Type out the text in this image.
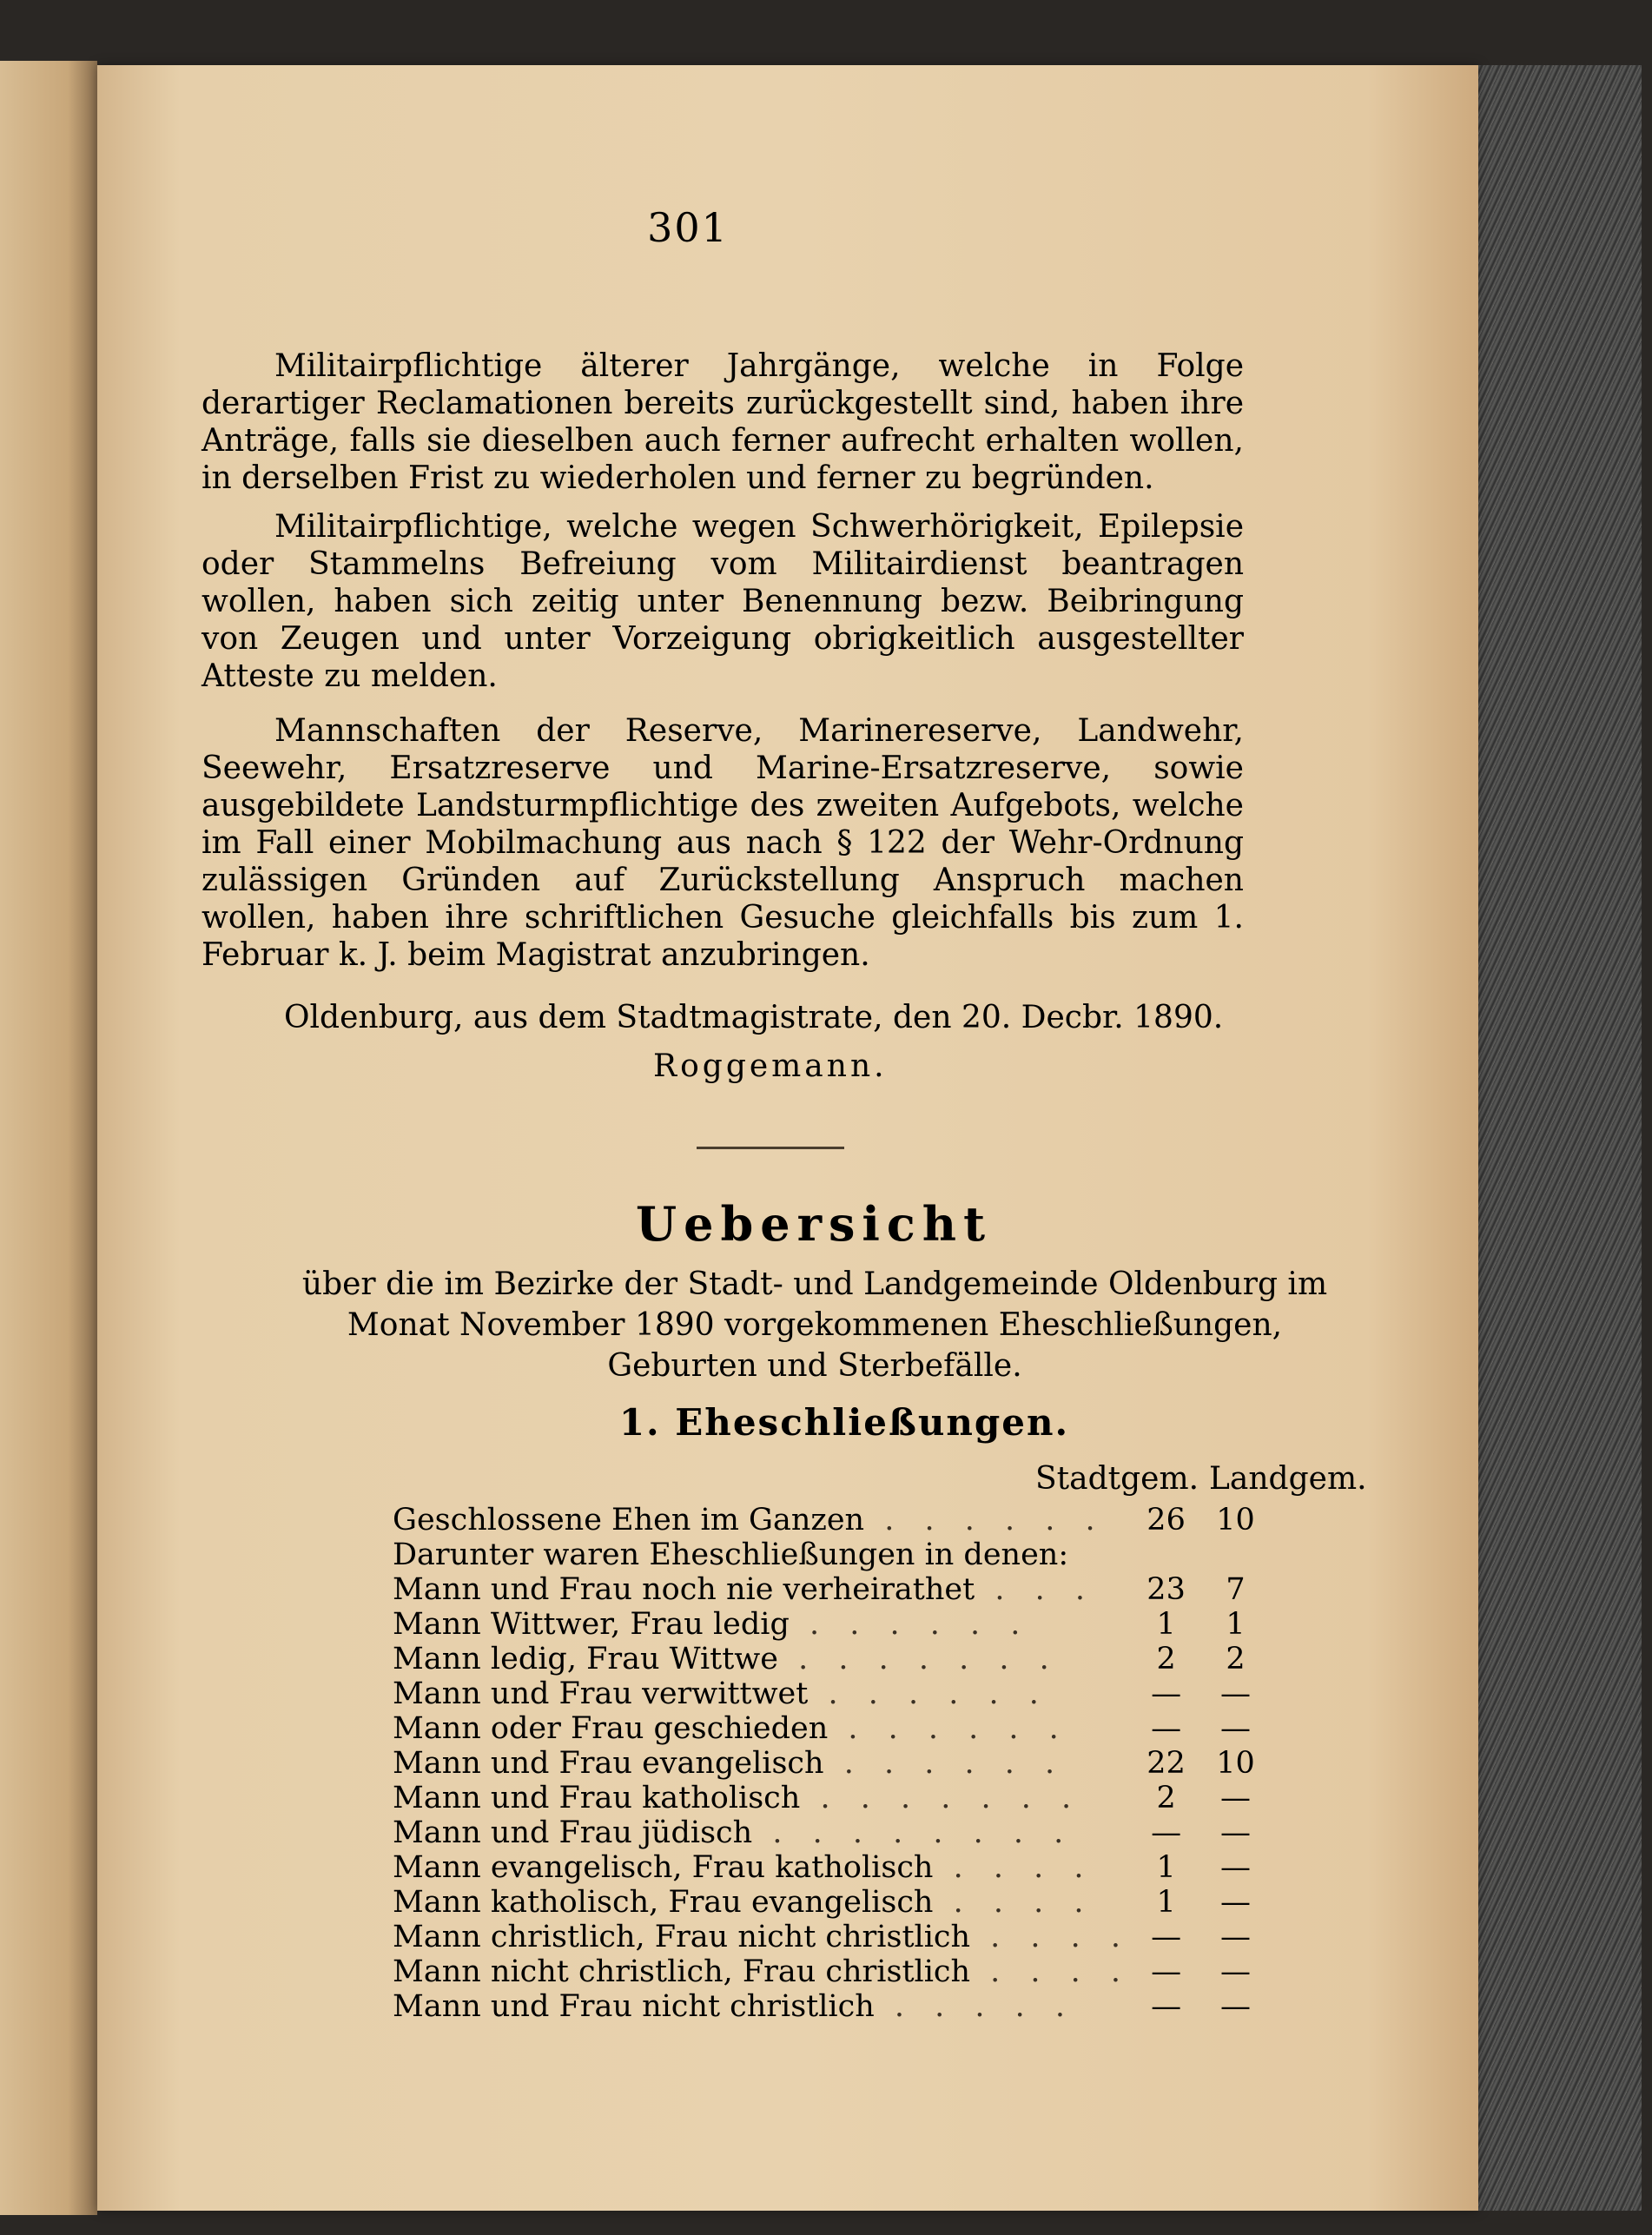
301

Militairpflichtige älterer Jahrgänge, welche in Folge derartiger Reclamationen bereits zurückgestellt sind, haben ihre Anträge, falls sie dieselben auch ferner aufrecht erhalten wollen, in derselben Frist zu wiederholen und ferner zu begründen.

Militairpflichtige, welche wegen Schwerhörigkeit, Epilepsie oder Stammelns Befreiung vom Militairdienst beantragen wollen, haben sich zeitig unter Benennung bezw. Beibringung von Zeugen und unter Vorzeigung obrigkeitlich ausgestellter Atteste zu melden.

Mannschaften der Reserve, Marinereserve, Landwehr, Seewehr, Ersatzreserve und Marine-Ersatzreserve, sowie ausgebildete Landsturmpflichtige des zweiten Aufgebots, welche im Fall einer Mobilmachung aus nach § 122 der Wehr-Ordnung zulässigen Gründen auf Zurückstellung Anspruch machen wollen, haben ihre schriftlichen Gesuche gleichfalls bis zum 1. Februar k. J. beim Magistrat anzubringen.

Oldenburg, aus dem Stadtmagistrate, den 20. Decbr. 1890.
Roggemann.
Uebersicht
über die im Bezirke der Stadt- und Landgemeinde Oldenburg im Monat November 1890 vorgekommenen Eheschließungen, Geburten und Sterbefälle.
1. Eheschließungen.
Stadtgem. Landgem.
Geschlossene Ehen im Ganzen . . . . . .	26	10
Darunter waren Eheschließungen in denen:		
Mann und Frau noch nie verheirathet . . .	23	7
Mann Wittwer, Frau ledig . . . . . .	1	1
Mann ledig, Frau Wittwe . . . . . . .	2	2
Mann und Frau verwittwet . . . . . .	—	—
Mann oder Frau geschieden . . . . . .	—	—
Mann und Frau evangelisch . . . . . .	22	10
Mann und Frau katholisch . . . . . . .	2	—
Mann und Frau jüdisch . . . . . . . .	—	—
Mann evangelisch, Frau katholisch . . . .	1	—
Mann katholisch, Frau evangelisch . . . .	1	—
Mann christlich, Frau nicht christlich . . . .	—	—
Mann nicht christlich, Frau christlich . . . .	—	—
Mann und Frau nicht christlich . . . . .	—	—
